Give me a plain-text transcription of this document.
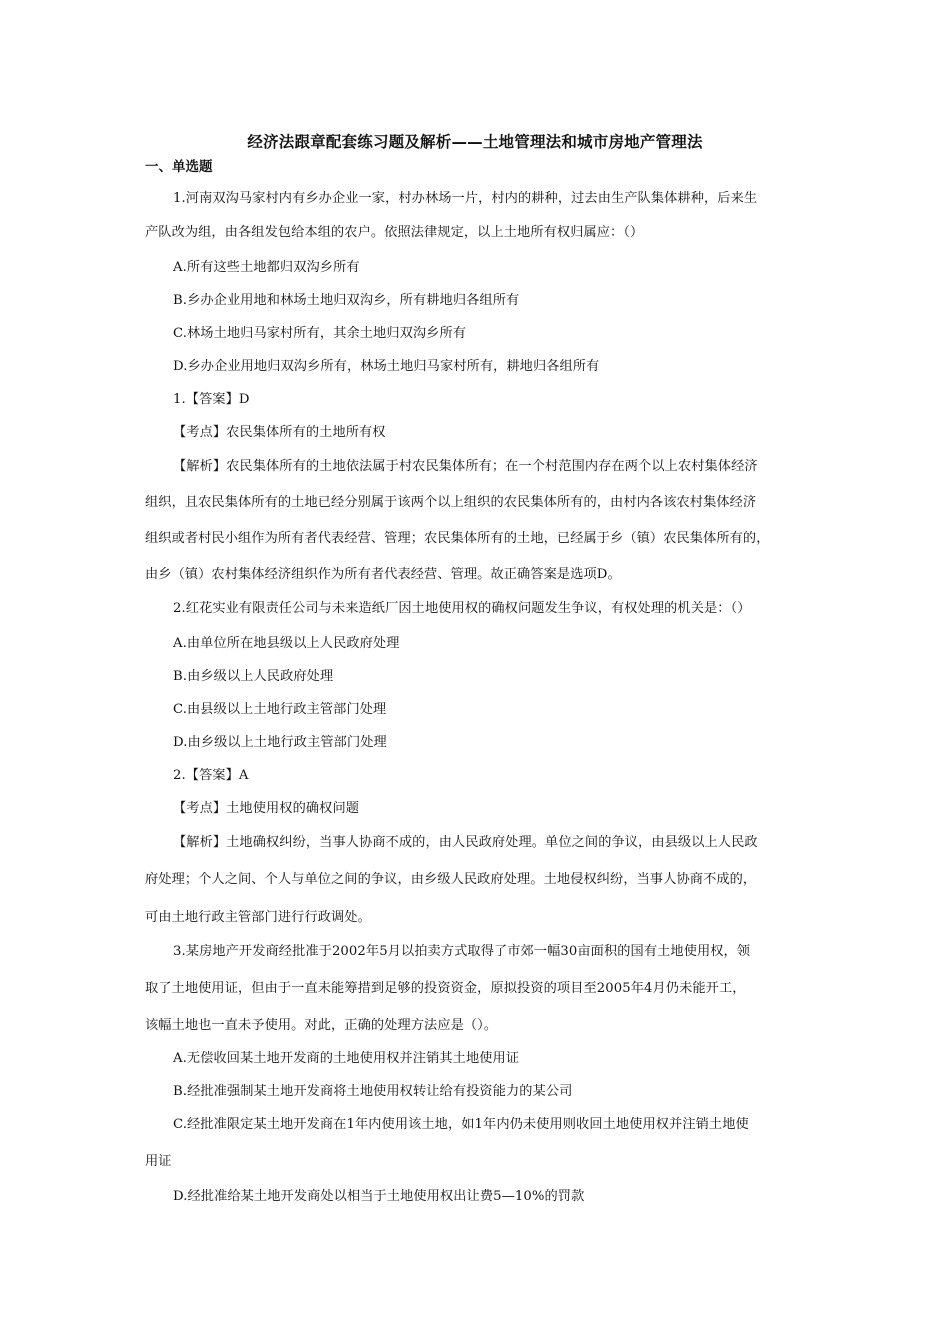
经济法跟章配套练习题及解析——土地管理法和城市房地产管理法
一、单选题
1.河南双沟马家村内有乡办企业一家，村办林场一片，村内的耕种，过去由生产队集体耕种，后来生
产队改为组，由各组发包给本组的农户。依照法律规定，以上土地所有权归属应：（）
A.所有这些土地都归双沟乡所有
B.乡办企业用地和林场土地归双沟乡，所有耕地归各组所有
C.林场土地归马家村所有，其余土地归双沟乡所有
D.乡办企业用地归双沟乡所有，林场土地归马家村所有，耕地归各组所有
1.【答案】D
【考点】农民集体所有的土地所有权
【解析】农民集体所有的土地依法属于村农民集体所有；在一个村范围内存在两个以上农村集体经济
组织，且农民集体所有的土地已经分别属于该两个以上组织的农民集体所有的，由村内各该农村集体经济
组织或者村民小组作为所有者代表经营、管理；农民集体所有的土地，已经属于乡（镇）农民集体所有的，
由乡（镇）农村集体经济组织作为所有者代表经营、管理。故正确答案是选项D。
2.红花实业有限责任公司与未来造纸厂因土地使用权的确权问题发生争议，有权处理的机关是：（）
A.由单位所在地县级以上人民政府处理
B.由乡级以上人民政府处理
C.由县级以上土地行政主管部门处理
D.由乡级以上土地行政主管部门处理
2.【答案】A
【考点】土地使用权的确权问题
【解析】土地确权纠纷，当事人协商不成的，由人民政府处理。单位之间的争议，由县级以上人民政
府处理；个人之间、个人与单位之间的争议，由乡级人民政府处理。土地侵权纠纷，当事人协商不成的，
可由土地行政主管部门进行行政调处。
3.某房地产开发商经批准于2002年5月以拍卖方式取得了市郊一幅30亩面积的国有土地使用权，领
取了土地使用证，但由于一直未能筹措到足够的投资资金，原拟投资的项目至2005年4月仍未能开工，
该幅土地也一直未予使用。对此，正确的处理方法应是（）。
A.无偿收回某土地开发商的土地使用权并注销其土地使用证
B.经批准强制某土地开发商将土地使用权转让给有投资能力的某公司
C.经批准限定某土地开发商在1年内使用该土地，如1年内仍未使用则收回土地使用权并注销土地使
用证
D.经批准给某土地开发商处以相当于土地使用权出让费5—10%的罚款
